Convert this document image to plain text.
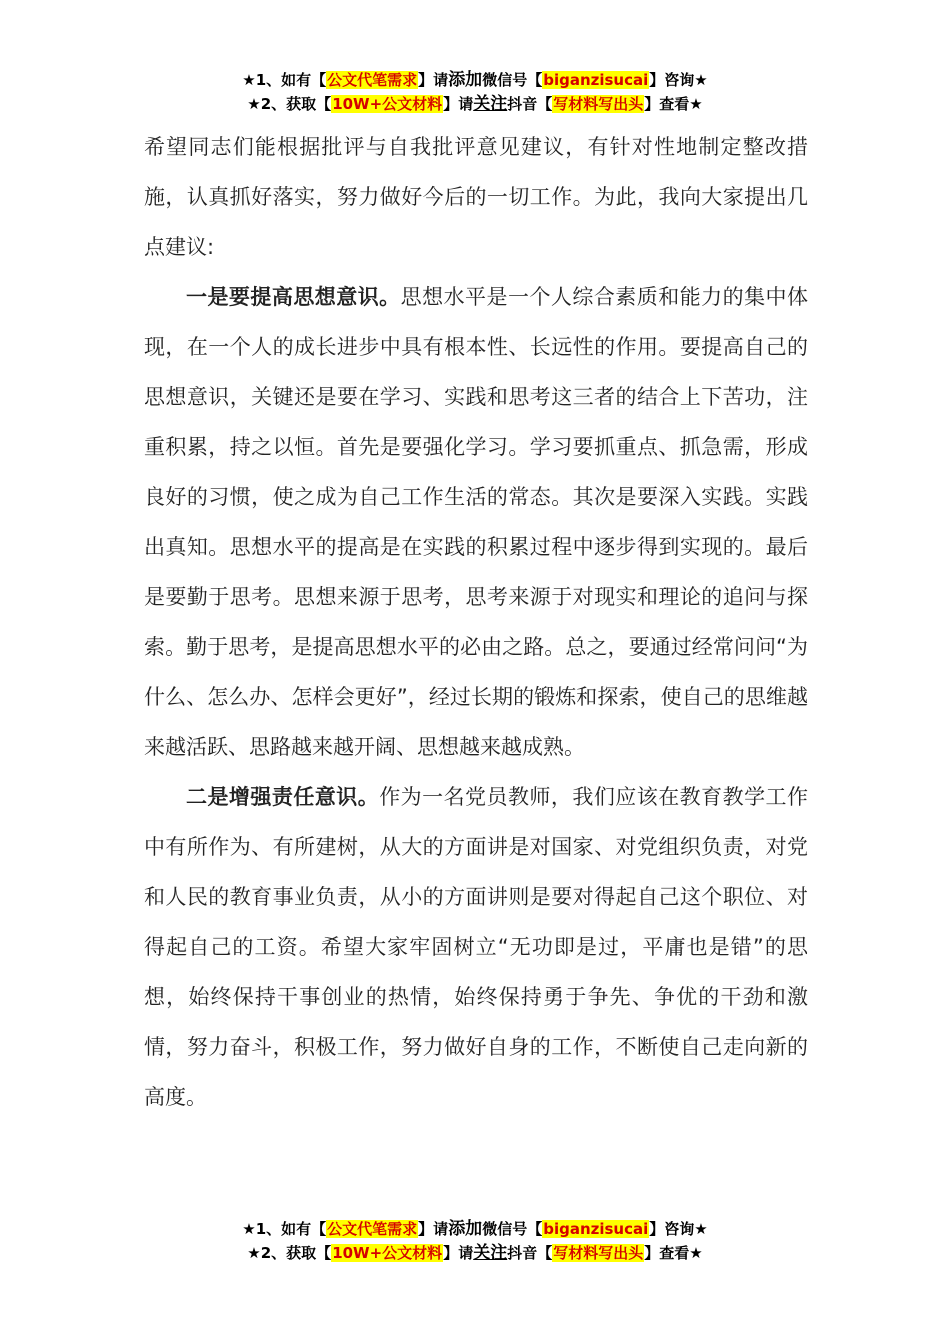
★1、如有【公文代笔需求】请添加微信号【biganzisucai】咨询★
★2、获取【10W+公文材料】请关注抖音【写材料写出头】查看★

希望同志们能根据批评与自我批评意见建议，有针对性地制定整改措施，认真抓好落实，努力做好今后的一切工作。为此，我向大家提出几点建议:

一是要提高思想意识。思想水平是一个人综合素质和能力的集中体现，在一个人的成长进步中具有根本性、长远性的作用。要提高自己的思想意识，关键还是要在学习、实践和思考这三者的结合上下苦功，注重积累，持之以恒。首先是要强化学习。学习要抓重点、抓急需，形成良好的习惯，使之成为自己工作生活的常态。其次是要深入实践。实践出真知。思想水平的提高是在实践的积累过程中逐步得到实现的。最后是要勤于思考。思想来源于思考，思考来源于对现实和理论的追问与探索。勤于思考，是提高思想水平的必由之路。总之，要通过经常问问“为什么、怎么办、怎样会更好”，经过长期的锻炼和探索，使自己的思维越来越活跃、思路越来越开阔、思想越来越成熟。

二是增强责任意识。作为一名党员教师，我们应该在教育教学工作中有所作为、有所建树，从大的方面讲是对国家、对党组织负责，对党和人民的教育事业负责，从小的方面讲则是要对得起自己这个职位、对得起自己的工资。希望大家牢固树立“无功即是过，平庸也是错”的思想，始终保持干事创业的热情，始终保持勇于争先、争优的干劲和激情，努力奋斗，积极工作，努力做好自身的工作，不断使自己走向新的高度。

★1、如有【公文代笔需求】请添加微信号【biganzisucai】咨询★
★2、获取【10W+公文材料】请关注抖音【写材料写出头】查看★
